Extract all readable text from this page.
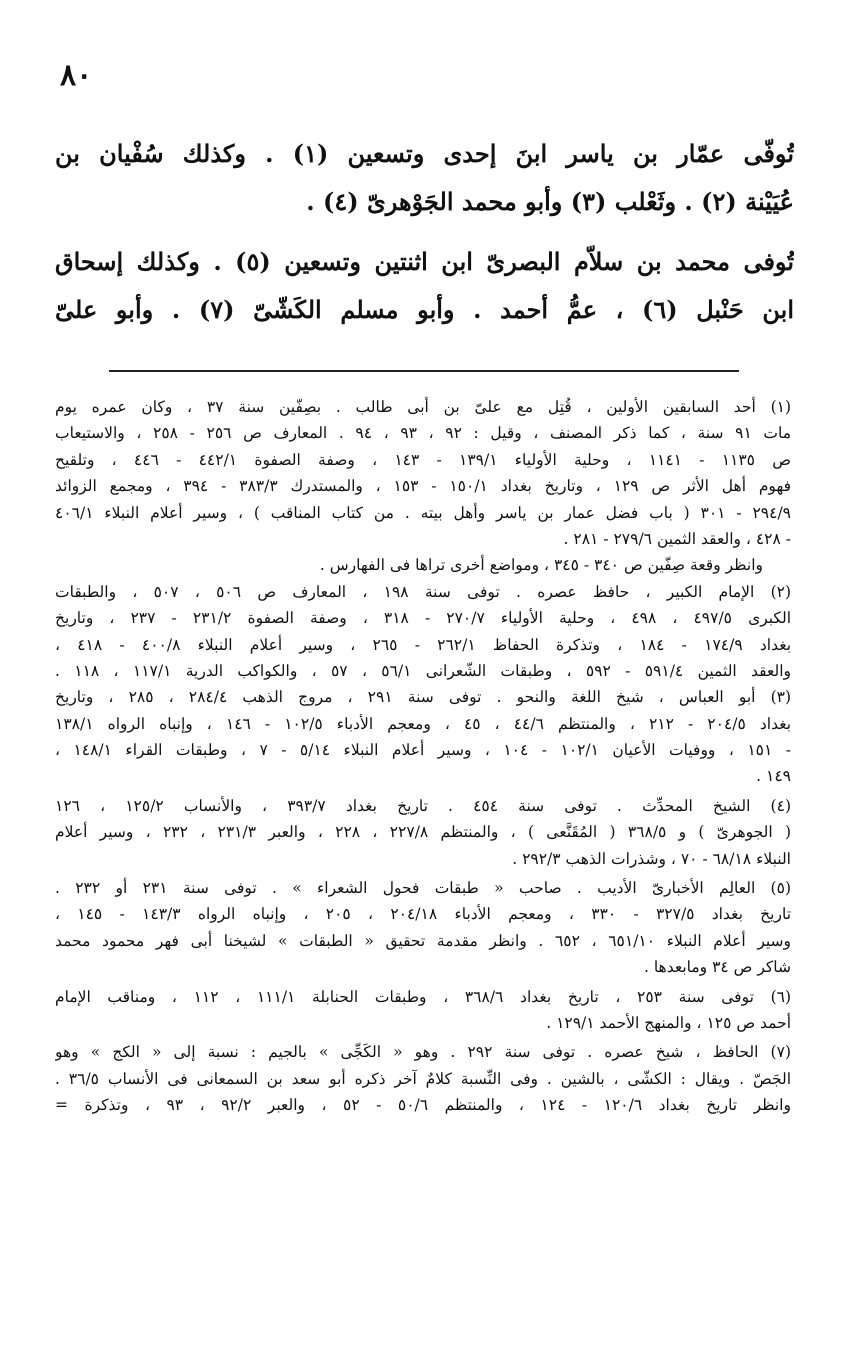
٨٠

تُوفّى عمّار بن ياسر ابنَ إحدى وتسعين (١) . وكذلك سُفْيان بن
عُيَيْنة (٢) . وثَعْلب (٣) وأبو محمد الجَوْهرىّ (٤) .

تُوفى محمد بن سلاّم البصرىّ ابن اثنتين وتسعين (٥) . وكذلك إسحاق
ابن حَنْبل (٦) ، عمُّ أحمد . وأبو مسلم الكَشّىّ (٧) . وأبو علىّ

(١) أحد السابقين الأولين ، قُتِل مع علىّ بن أبى طالب . بصِفّين سنة ٣٧ ، وكان عمره يوم
مات ٩١ سنة ، كما ذكر المصنف ، وقيل : ٩٢ ، ٩٣ ، ٩٤ . المعارف ص ٢٥٦ - ٢٥٨ ، والاستيعاب
ص ١١٣٥ - ١١٤١ ، وحلية الأولياء ١٣٩/١ - ١٤٣ ، وصفة الصفوة ٤٤٢/١ - ٤٤٦ ، وتلقيح
فهوم أهل الأثر ص ١٢٩ ، وتاريخ بغداد ١٥٠/١ - ١٥٣ ، والمستدرك ٣٨٣/٣ - ٣٩٤ ، ومجمع الزوائد
٢٩٤/٩ - ٣٠١ ( باب فضل عمار بن ياسر وأهل بيته . من كتاب المناقب ) ، وسير أعلام النبلاء ٤٠٦/١
- ٤٢٨ ، والعقد الثمين ٢٧٩/٦ - ٢٨١ .
وانظر وقعة صِفّين ص ٣٤٠ - ٣٤٥ ، ومواضع أخرى تراها فى الفهارس .
(٢) الإمام الكبير ، حافظ عصره . توفى سنة ١٩٨ ، المعارف ص ٥٠٦ ، ٥٠٧ ، والطبقات
الكبرى ٤٩٧/٥ ، ٤٩٨ ، وحلية الأولياء ٢٧٠/٧ - ٣١٨ ، وصفة الصفوة ٢٣١/٢ - ٢٣٧ ، وتاريخ
بغداد ١٧٤/٩ - ١٨٤ ، وتذكرة الحفاظ ٢٦٢/١ - ٢٦٥ ، وسير أعلام النبلاء ٤٠٠/٨ - ٤١٨ ،
والعقد الثمين ٥٩١/٤ - ٥٩٢ ، وطبقات الشّعرانى ٥٦/١ ، ٥٧ ، والكواكب الدرية ١١٧/١ ، ١١٨ .
(٣) أبو العباس ، شيخ اللغة والنحو . توفى سنة ٢٩١ ، مروج الذهب ٢٨٤/٤ ، ٢٨٥ ، وتاريخ
بغداد ٢٠٤/٥ - ٢١٢ ، والمنتظم ٤٤/٦ ، ٤٥ ، ومعجم الأدباء ١٠٢/٥ - ١٤٦ ، وإنباه الرواه ١٣٨/١
- ١٥١ ، ووفيات الأعيان ١٠٢/١ - ١٠٤ ، وسير أعلام النبلاء ٥/١٤ - ٧ ، وطبقات القراء ١٤٨/١ ،
١٤٩ .
(٤) الشيخ المحدِّث . توفى سنة ٤٥٤ . تاريخ بغداد ٣٩٣/٧ ، والأنساب ١٢٥/٢ ، ١٢٦
( الجوهرىّ ) و ٣٦٨/٥ ( المُقَنَّعى ) ، والمنتظم ٢٢٧/٨ ، ٢٢٨ ، والعبر ٢٣١/٣ ، ٢٣٢ ، وسير أعلام
النبلاء ٦٨/١٨ - ٧٠ ، وشذرات الذهب ٢٩٢/٣ .
(٥) العالِم الأخبارىّ الأديب . صاحب « طبقات فحول الشعراء » . توفى سنة ٢٣١ أو ٢٣٢ .
تاريخ بغداد ٣٢٧/٥ - ٣٣٠ ، ومعجم الأدباء ٢٠٤/١٨ ، ٢٠٥ ، وإنباه الرواه ١٤٣/٣ - ١٤٥ ،
وسير أعلام النبلاء ٦٥١/١٠ ، ٦٥٢ . وانظر مقدمة تحقيق « الطبقات » لشيخنا أبى فهر محمود محمد
شاكر ص ٣٤ ومابعدها .
(٦) توفى سنة ٢٥٣ ، تاريخ بغداد ٣٦٨/٦ ، وطبقات الحنابلة ١١١/١ ، ١١٢ ، ومناقب الإمام
أحمد ص ١٢٥ ، والمنهج الأحمد ١٢٩/١ .
(٧) الحافظ ، شيخ عصره . توفى سنة ٢٩٢ . وهو « الكَجِّى » بالجيم : نسبة إلى « الكج » وهو
الجَصّ . ويقال : الكشّى ، بالشين . وفى النِّسبة كلامٌ آخر ذكره أبو سعد بن السمعانى فى الأنساب ٣٦/٥ .
وانظر تاريخ بغداد ١٢٠/٦ - ١٢٤ ، والمنتظم ٥٠/٦ - ٥٢ ، والعبر ٩٢/٢ ، ٩٣ ، وتذكرة =
